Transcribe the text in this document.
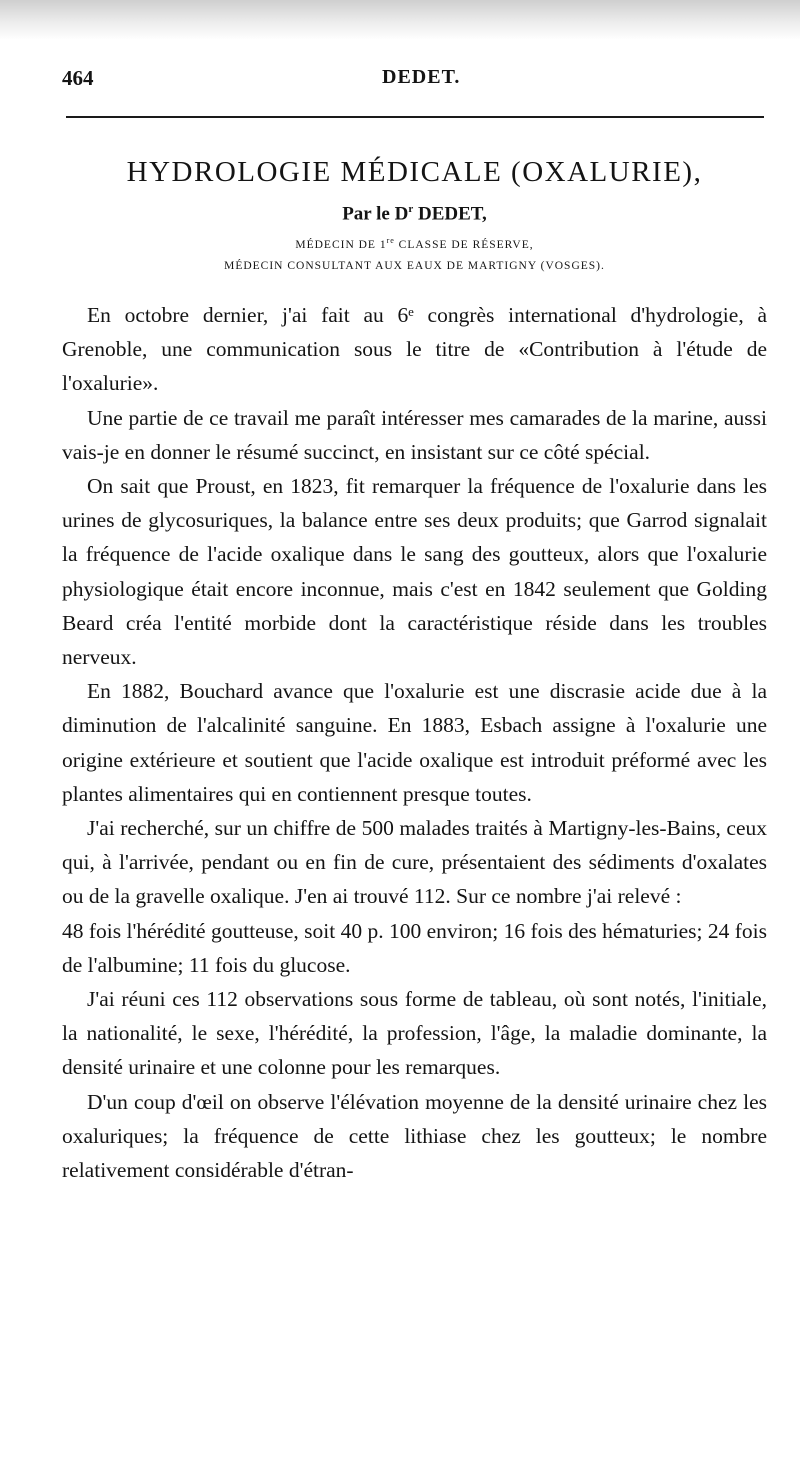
464	DEDET.
HYDROLOGIE MÉDICALE (OXALURIE),
Par le $D^r$ DEDET,
MÉDECIN DE 1re CLASSE DE RÉSERVE,
MÉDECIN CONSULTANT AUX EAUX DE MARTIGNY (VOSGES).

En octobre dernier, j'ai fait au 6ᵉ congrès international d'hydrologie, à Grenoble, une communication sous le titre de «Contribution à l'étude de l'oxalurie».

Une partie de ce travail me paraît intéresser mes camarades de la marine, aussi vais-je en donner le résumé succinct, en insistant sur ce côté spécial.

On sait que Proust, en 1823, fit remarquer la fréquence de l'oxalurie dans les urines de glycosuriques, la balance entre ses deux produits; que Garrod signalait la fréquence de l'acide oxalique dans le sang des goutteux, alors que l'oxalurie physiologique était encore inconnue, mais c'est en 1842 seulement que Golding Beard créa l'entité morbide dont la caractéristique réside dans les troubles nerveux.

En 1882, Bouchard avance que l'oxalurie est une discrasie acide due à la diminution de l'alcalinité sanguine. En 1883, Esbach assigne à l'oxalurie une origine extérieure et soutient que l'acide oxalique est introduit préformé avec les plantes alimentaires qui en contiennent presque toutes.

J'ai recherché, sur un chiffre de 500 malades traités à Martigny-les-Bains, ceux qui, à l'arrivée, pendant ou en fin de cure, présentaient des sédiments d'oxalates ou de la gravelle oxalique. J'en ai trouvé 112. Sur ce nombre j'ai relevé :

48 fois l'hérédité goutteuse, soit 40 p. 100 environ; 16 fois des hématuries; 24 fois de l'albumine; 11 fois du glucose.

J'ai réuni ces 112 observations sous forme de tableau, où sont notés, l'initiale, la nationalité, le sexe, l'hérédité, la profession, l'âge, la maladie dominante, la densité urinaire et une colonne pour les remarques.

D'un coup d'œil on observe l'élévation moyenne de la densité urinaire chez les oxaluriques; la fréquence de cette lithiase chez les goutteux; le nombre relativement considérable d'étran-
